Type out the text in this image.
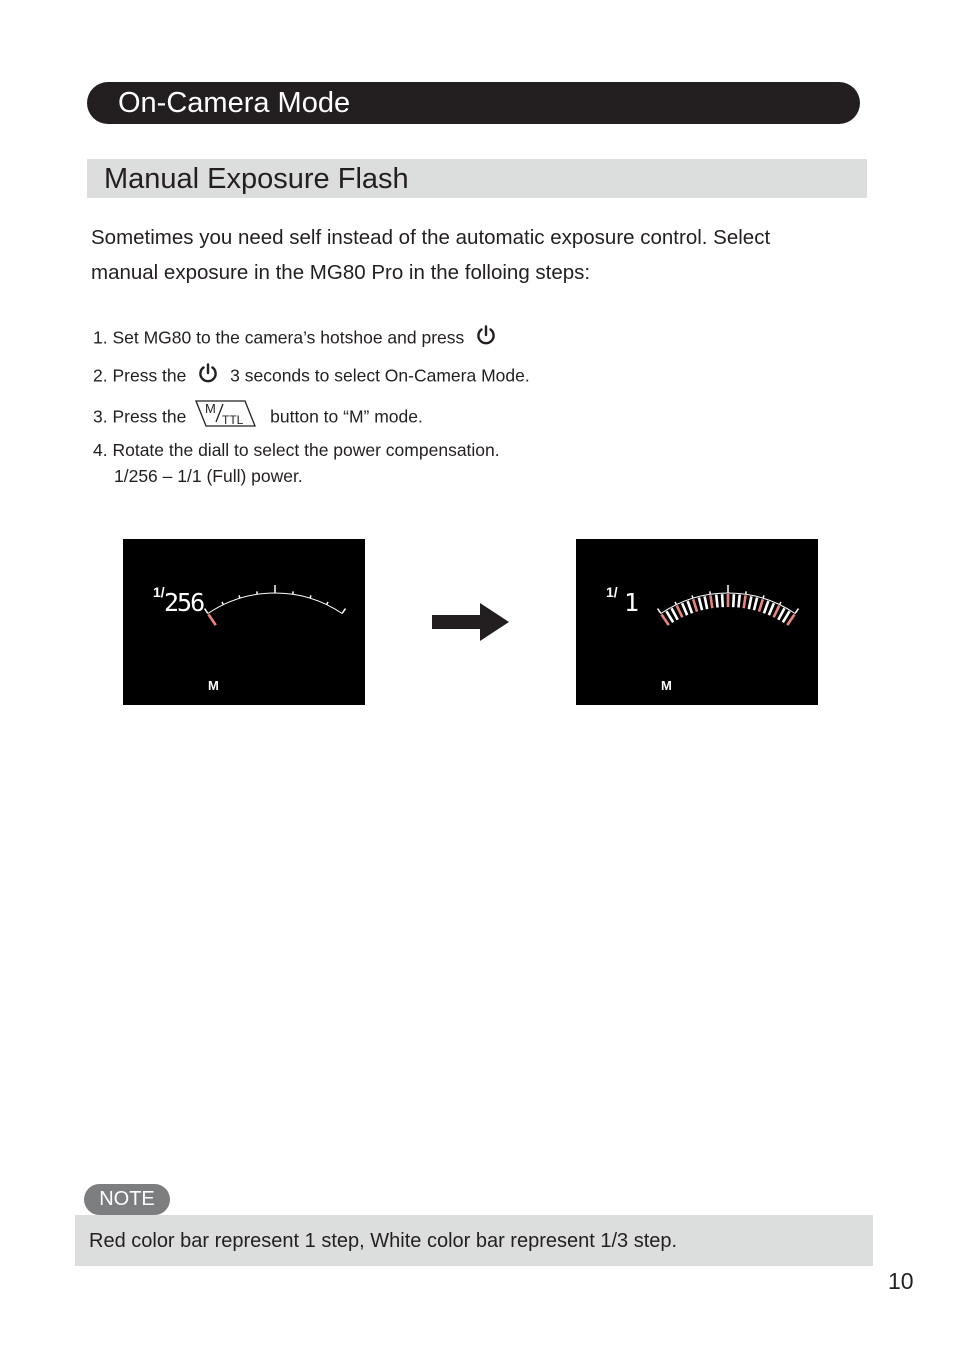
On-Camera Mode
Manual Exposure Flash
Sometimes you need self instead of the automatic exposure control. Select
manual exposure in the MG80 Pro in the folloing steps:
1. Set MG80 to the camera’s hotshoe and press
2. Press the	3 seconds to select On-Camera Mode.
3. Press the M
TTL button to “M” mode.
4. Rotate the diall to select the power compensation.
1/256 – 1/1 (Full) power.
1/ 256
M
1/ 1
M
NOTE
Red color bar represent 1 step, White color bar represent 1/3 step.
10
